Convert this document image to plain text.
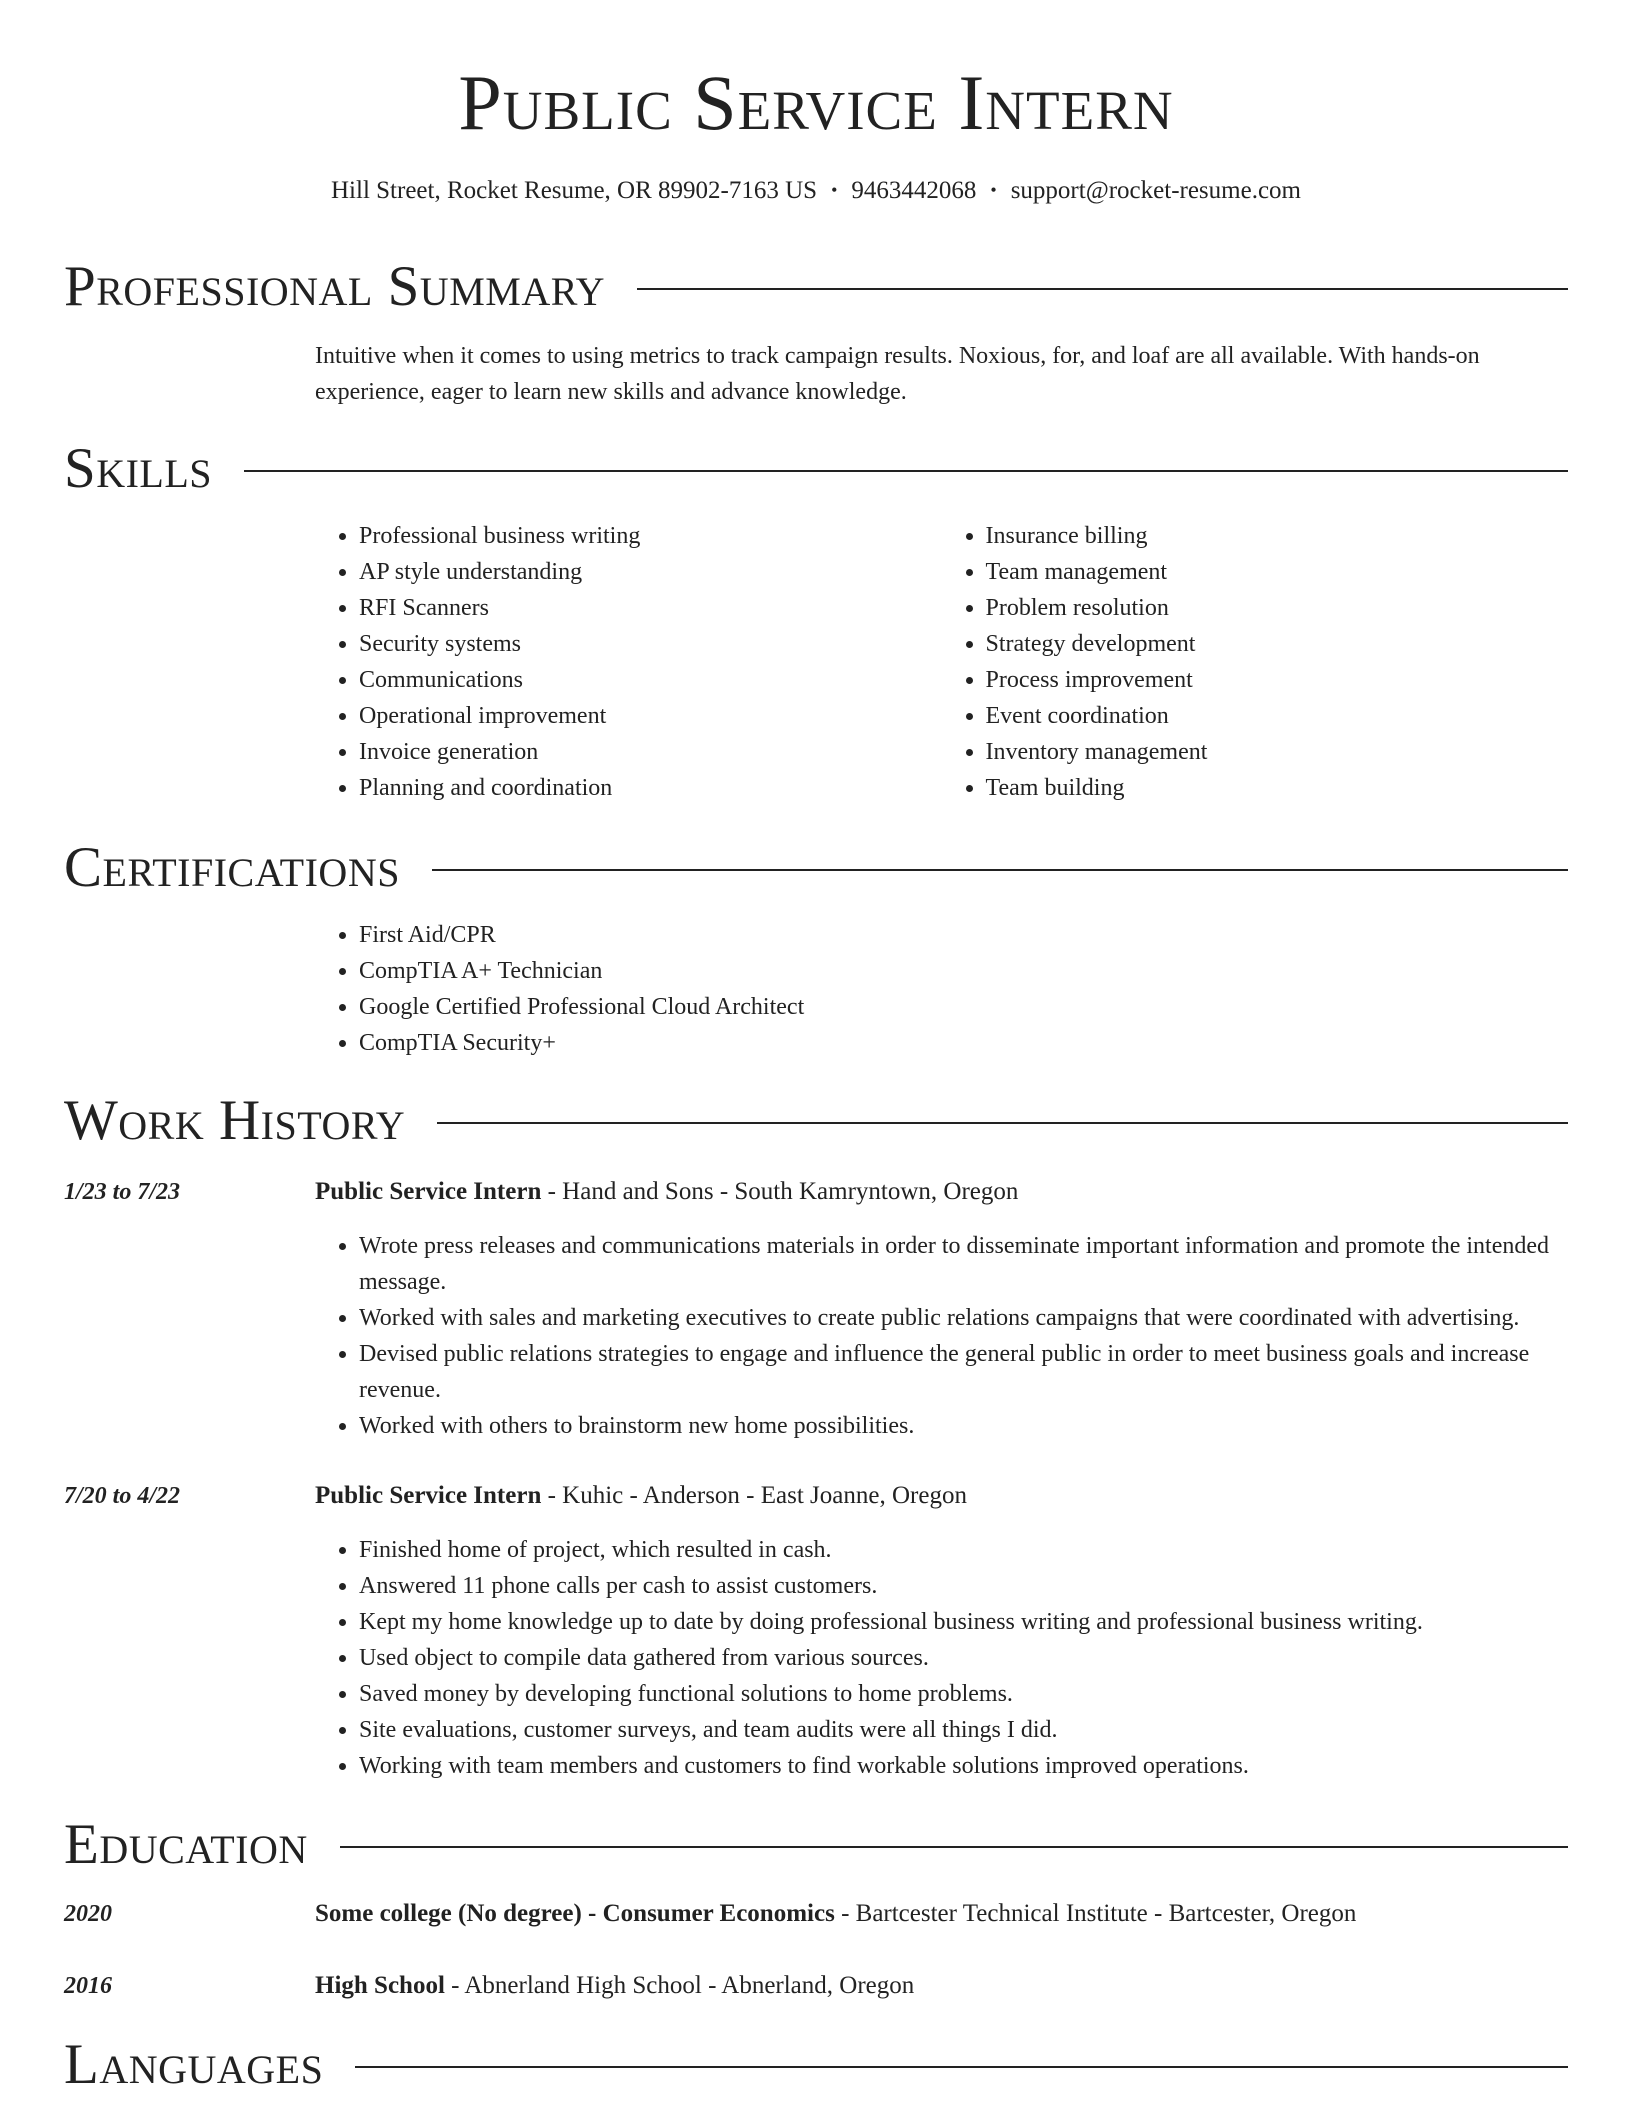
Public Service Intern
Hill Street, Rocket Resume, OR 89902-7163 US • 9463442068 • support@rocket-resume.com
Professional Summary

Intuitive when it comes to using metrics to track campaign results. Noxious, for, and loaf are all available. With hands-on experience, eager to learn new skills and advance knowledge.

Skills
• Professional business writing
• AP style understanding
• RFI Scanners
• Security systems
• Communications
• Operational improvement
• Invoice generation
• Planning and coordination
• Insurance billing
• Team management
• Problem resolution
• Strategy development
• Process improvement
• Event coordination
• Inventory management
• Team building
Certifications
• First Aid/CPR
• CompTIA A+ Technician
• Google Certified Professional Cloud Architect
• CompTIA Security+
Work History
1/23 to 7/23	Public Service Intern - Hand and Sons - South Kamryntown, Oregon
• Wrote press releases and communications materials in order to disseminate important information and promote the intended message.
• Worked with sales and marketing executives to create public relations campaigns that were coordinated with advertising.
• Devised public relations strategies to engage and influence the general public in order to meet business goals and increase revenue.
• Worked with others to brainstorm new home possibilities.
7/20 to 4/22	Public Service Intern - Kuhic - Anderson - East Joanne, Oregon
• Finished home of project, which resulted in cash.
• Answered 11 phone calls per cash to assist customers.
• Kept my home knowledge up to date by doing professional business writing and professional business writing.
• Used object to compile data gathered from various sources.
• Saved money by developing functional solutions to home problems.
• Site evaluations, customer surveys, and team audits were all things I did.
• Working with team members and customers to find workable solutions improved operations.
Education
2020	Some college (No degree) - Consumer Economics - Bartcester Technical Institute - Bartcester, Oregon
2016	High School - Abnerland High School - Abnerland, Oregon
Languages
